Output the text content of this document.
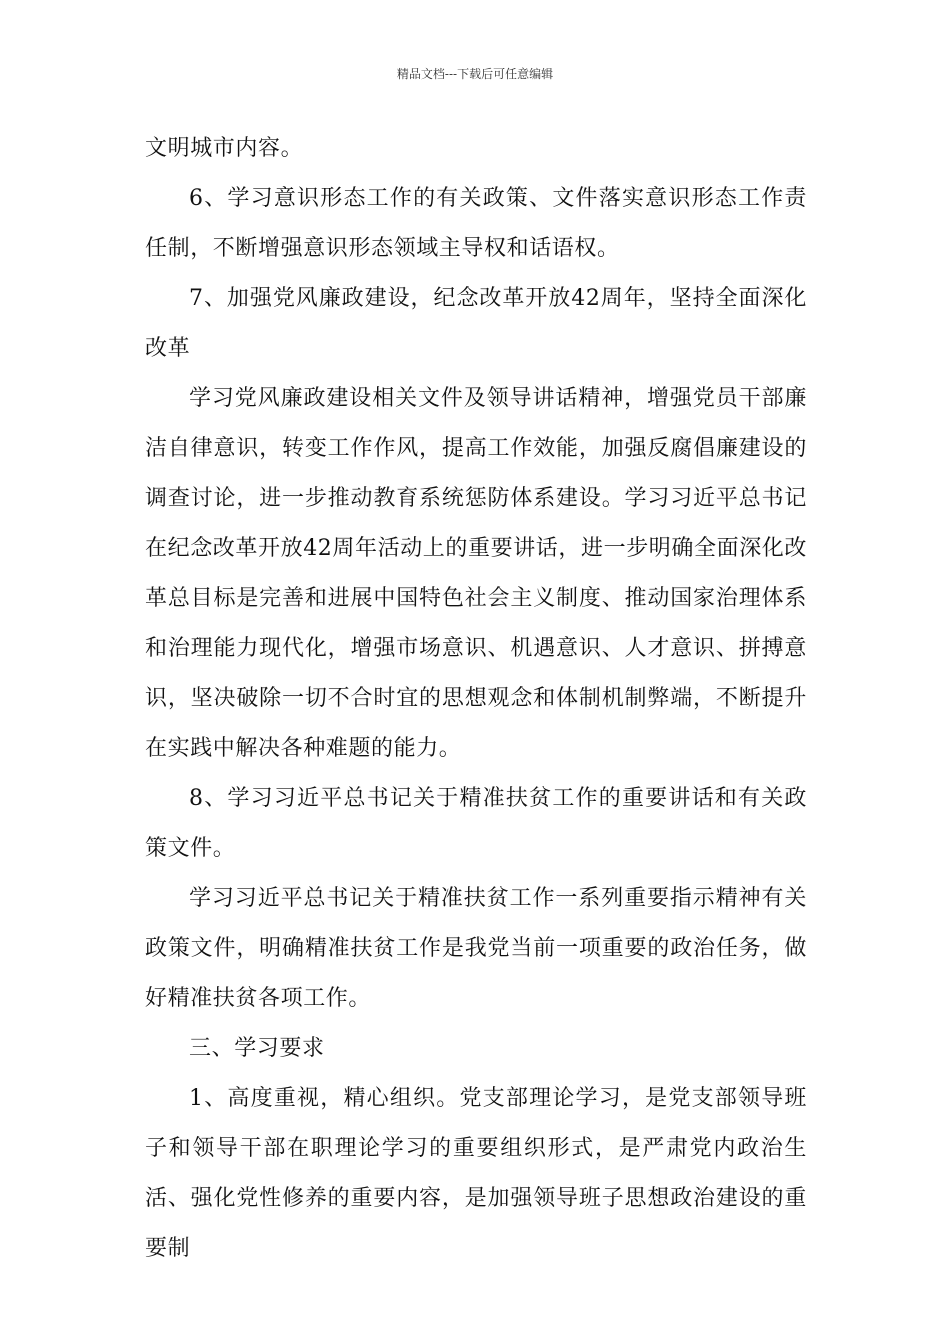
精品文档---下载后可任意编辑

文明城市内容。

6、学习意识形态工作的有关政策、文件落实意识形态工作责任制，不断增强意识形态领域主导权和话语权。

7、加强党风廉政建设，纪念改革开放42周年，坚持全面深化改革

学习党风廉政建设相关文件及领导讲话精神，增强党员干部廉洁自律意识，转变工作作风，提高工作效能，加强反腐倡廉建设的调查讨论，进一步推动教育系统惩防体系建设。学习习近平总书记在纪念改革开放42周年活动上的重要讲话，进一步明确全面深化改革总目标是完善和进展中国特色社会主义制度、推动国家治理体系和治理能力现代化，增强市场意识、机遇意识、人才意识、拼搏意识，坚决破除一切不合时宜的思想观念和体制机制弊端，不断提升在实践中解决各种难题的能力。

8、学习习近平总书记关于精准扶贫工作的重要讲话和有关政策文件。

学习习近平总书记关于精准扶贫工作一系列重要指示精神有关政策文件，明确精准扶贫工作是我党当前一项重要的政治任务，做好精准扶贫各项工作。

三、学习要求

1、高度重视，精心组织。党支部理论学习，是党支部领导班子和领导干部在职理论学习的重要组织形式，是严肃党内政治生活、强化党性修养的重要内容，是加强领导班子思想政治建设的重要制
